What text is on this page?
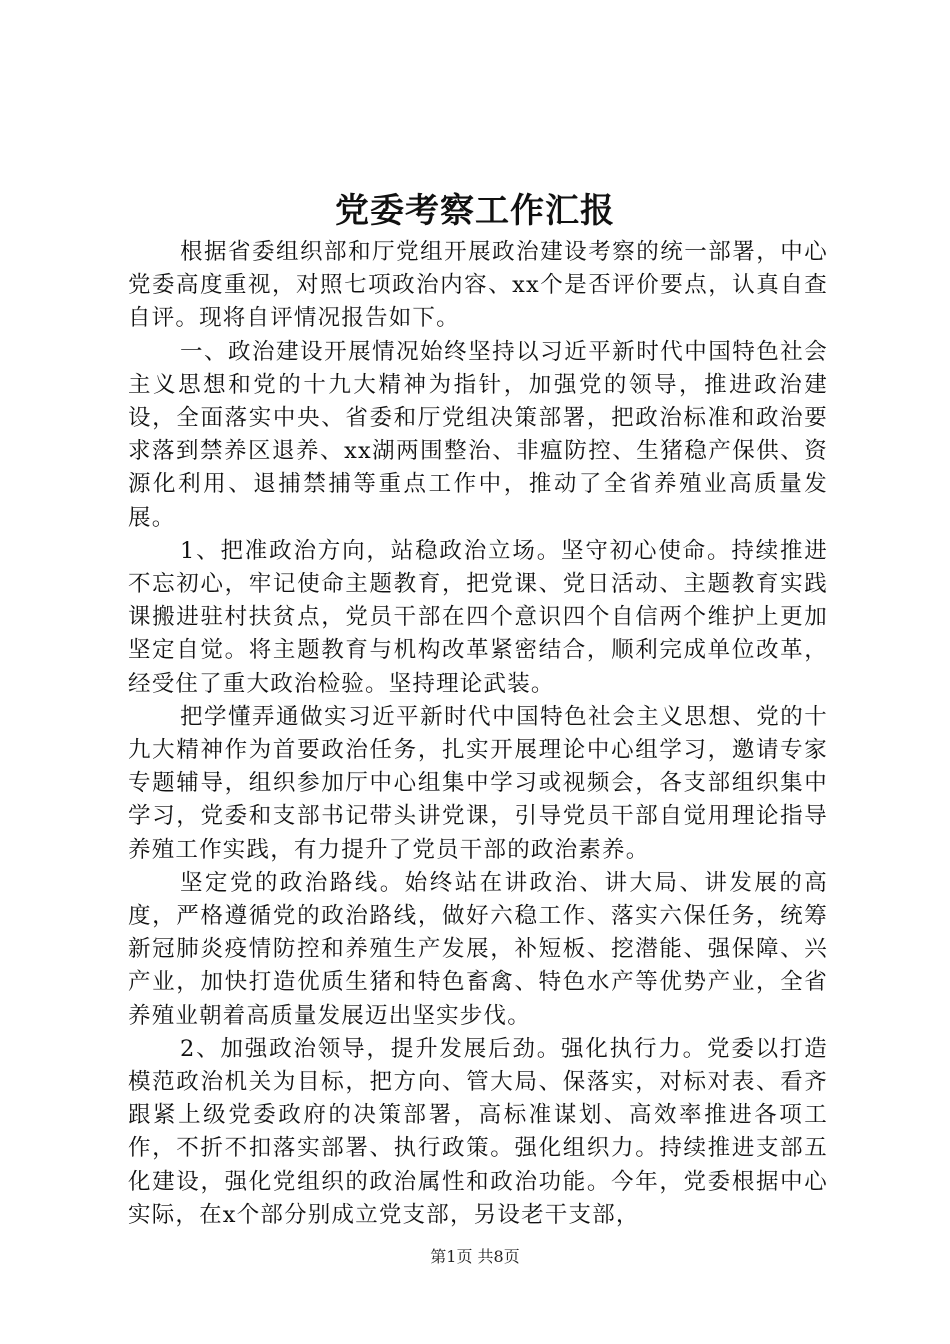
党委考察工作汇报

根据省委组织部和厅党组开展政治建设考察的统一部署，中心党委高度重视，对照七项政治内容、xx个是否评价要点，认真自查自评。现将自评情况报告如下。

一、政治建设开展情况始终坚持以习近平新时代中国特色社会主义思想和党的十九大精神为指针，加强党的领导，推进政治建设，全面落实中央、省委和厅党组决策部署，把政治标准和政治要求落到禁养区退养、xx湖两围整治、非瘟防控、生猪稳产保供、资源化利用、退捕禁捕等重点工作中，推动了全省养殖业高质量发展。

1、把准政治方向，站稳政治立场。坚守初心使命。持续推进不忘初心，牢记使命主题教育，把党课、党日活动、主题教育实践课搬进驻村扶贫点，党员干部在四个意识四个自信两个维护上更加坚定自觉。将主题教育与机构改革紧密结合，顺利完成单位改革，经受住了重大政治检验。坚持理论武装。

把学懂弄通做实习近平新时代中国特色社会主义思想、党的十九大精神作为首要政治任务，扎实开展理论中心组学习，邀请专家专题辅导，组织参加厅中心组集中学习或视频会，各支部组织集中学习，党委和支部书记带头讲党课，引导党员干部自觉用理论指导养殖工作实践，有力提升了党员干部的政治素养。

坚定党的政治路线。始终站在讲政治、讲大局、讲发展的高度，严格遵循党的政治路线，做好六稳工作、落实六保任务，统筹新冠肺炎疫情防控和养殖生产发展，补短板、挖潜能、强保障、兴产业，加快打造优质生猪和特色畜禽、特色水产等优势产业，全省养殖业朝着高质量发展迈出坚实步伐。

2、加强政治领导，提升发展后劲。强化执行力。党委以打造模范政治机关为目标，把方向、管大局、保落实，对标对表、看齐跟紧上级党委政府的决策部署，高标准谋划、高效率推进各项工作，不折不扣落实部署、执行政策。强化组织力。持续推进支部五化建设，强化党组织的政治属性和政治功能。今年，党委根据中心实际，在x个部分别成立党支部，另设老干支部，

第1页 共8页
